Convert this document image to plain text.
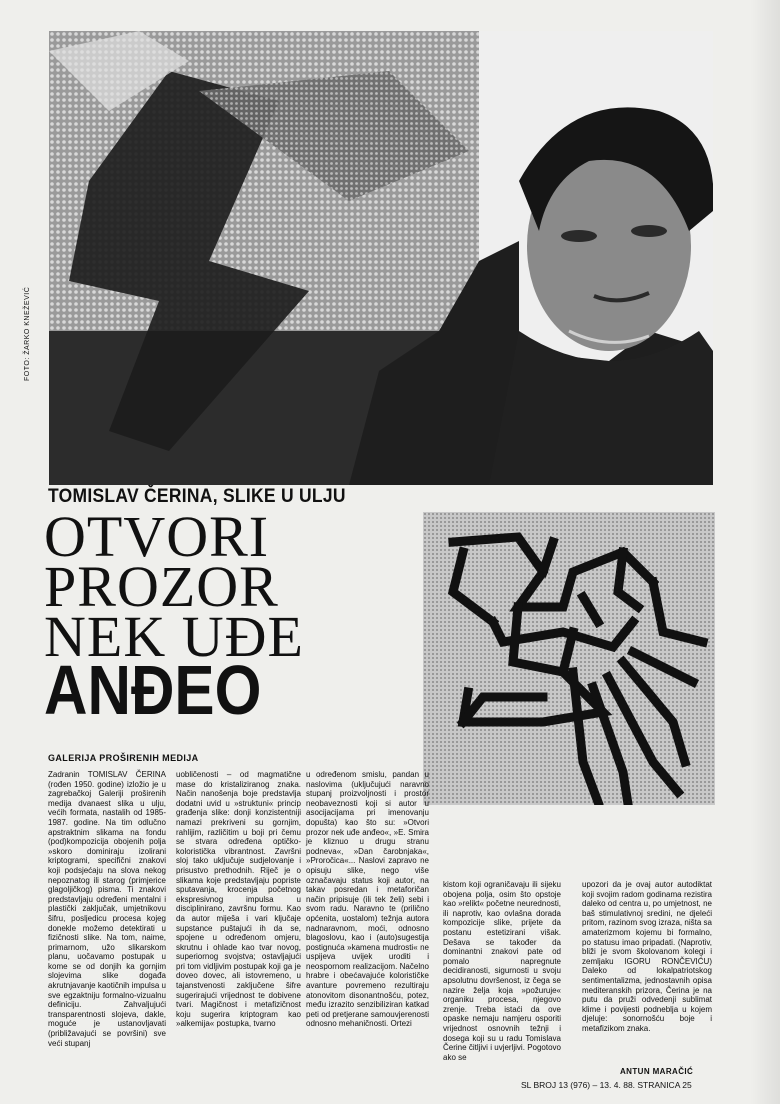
FOTO: ŽARKO KNEŽEVIĆ
TOMISLAV ČERINA, SLIKE U ULJU
OTVORI
PROZOR
NEK UĐE
ANĐEO
GALERIJA PROŠIRENIH MEDIJA
Zadranin TOMISLAV ČERINA (rođen 1950. godine) izložio je u zagrebačkoj Galeriji proširenih medija dvanaest slika u ulju, većih formata, nastalih od 1985-1987. godine. Na tim odlučno apstraktnim slikama na fondu (pod)kompozicija obojenih polja »skoro dominiraju izolirani kriptogrami, specifični znakovi koji podsjećaju na slova nekog nepoznatog ili starog (primjerice glagoljičkog) pisma. Ti znakovi predstavljaju određeni mentalni i plastički zaključak, umjetnikovu šifru, posljedicu procesa kojeg donekle možemo detektirati u fizičnosti slike. Na tom, naime, primarnom, užo slikarskom planu, uočavamo postupak u kome se od donjih ka gornjim slojevima slike događa akrutnjavanje kaotičnih impulsa u sve egzaktniju formalno-vizualnu definiciju. Zahvaljujući transparentnosti slojeva, dakle, moguće je ustanovljavati (približavajući se površini) sve veći stupanj
uobličenosti – od magmatične mase do kristaliziranog znaka. Način nanošenja boje predstavlja dodatni uvid u »struktuni« princip građenja slike: donji konzistentniji namazi prekriveni su gornjim, rahlijim, različitim u boji pri čemu se stvara određena optičko-koloristička vibrantnost. Završni sloj tako uključuje sudjelovanje i prisustvo prethodnih. Riječ je o slikama koje predstavljaju popriste sputavanja, krocenja početnog ekspresivnog impulsa u disciplinirano, završnu formu. Kao da autor miješa i vari ključaje supstance puštajući ih da se, spojene u određenom omjeru, skrutnu i ohlade kao tvar novog, superiornog svojstva; ostavljajući pri tom vidljivim postupak koji ga je doveo dovec, ali istovremeno, u tajanstvenosti zaključene šifre sugerirajući vrijednost te dobivene tvari. Magičnost i metafizičnost koju sugerira kriptogram kao »alkemija« postupka, tvarno
u određenom smislu, pandan u naslovima (uključujući naravno stupanj proizvoljnosti i prostor neobaveznosti koji si autor u asocijacijama pri imenovanju dopušta) kao što su: »Otvori prozor nek uđe anđeo«, »E. Smira je kliznuo u drugu stranu podneva«, »Dan čarobnjaka«, »Proročica«... Naslovi zapravo ne opisuju slike, nego više označavaju status koji autor, na takav posredan i metaforičan način pripisuje (ili tek želi) sebi i svom radu. Naravno te (prilično općenita, uostalom) težnja autora nadnaravnom, moći, odnosno blagoslovu, kao i (auto)sugestija postignuća »kamena mudrosti« ne uspijeva uvijek uroditi i neospornom realizacijom. Načelno hrabre i obećavajuće kolorističke avanture povremeno rezultiraju atonovitom disonantnošću, potez, među izrazito senzibiliziran katkad peti od pretjerane samouvjerenosti odnosno mehaničnosti. Ortezi
kistom koji ograničavaju ili sijeku obojena polja, osim što opstoje kao »relikt« početne neurednosti, ili naprotiv, kao ovlašna dorada kompozicije slike, prijete da postanu estetizirani višak. Dešava se također da dominantni znakovi pate od pomalo napregnute decidiranosti, sigurnosti u svoju apsolutnu dovršenost, iz čega se nazire želja koja »požuruje« organiku procesa, njegovo zrenje. Treba istaći da ove opaske nemaju namjeru osporiti vrijednost osnovnih težnji i dosega koji su u radu Tomislava Čerine čitljivi i uvjerljivi. Pogotovo ako se
upozori da je ovaj autor autodiktat koji svojim radom godinama rezistira daleko od centra u, po umjetnost, ne baš stimulativnoj sredini, ne djeleći pritom, razinom svog izraza, ništa sa amaterizmom kojemu bi formalno, po statusu imao pripadati. (Naprotiv, bliži je svom školovanom kolegi i zemljaku IGORU RONČEVIĆU) Daleko od lokalpatriotskog sentimentalizma, jednostavnih opisa mediteranskih prizora, Čerina je na putu da pruži odvedenji sublimat klime i povijesti podneblja u kojem djeluje: sonornošću boje i metafizikom znaka.
ANTUN MARAČIĆ
SL BROJ 13 (976) – 13. 4. 88. STRANICA 25
